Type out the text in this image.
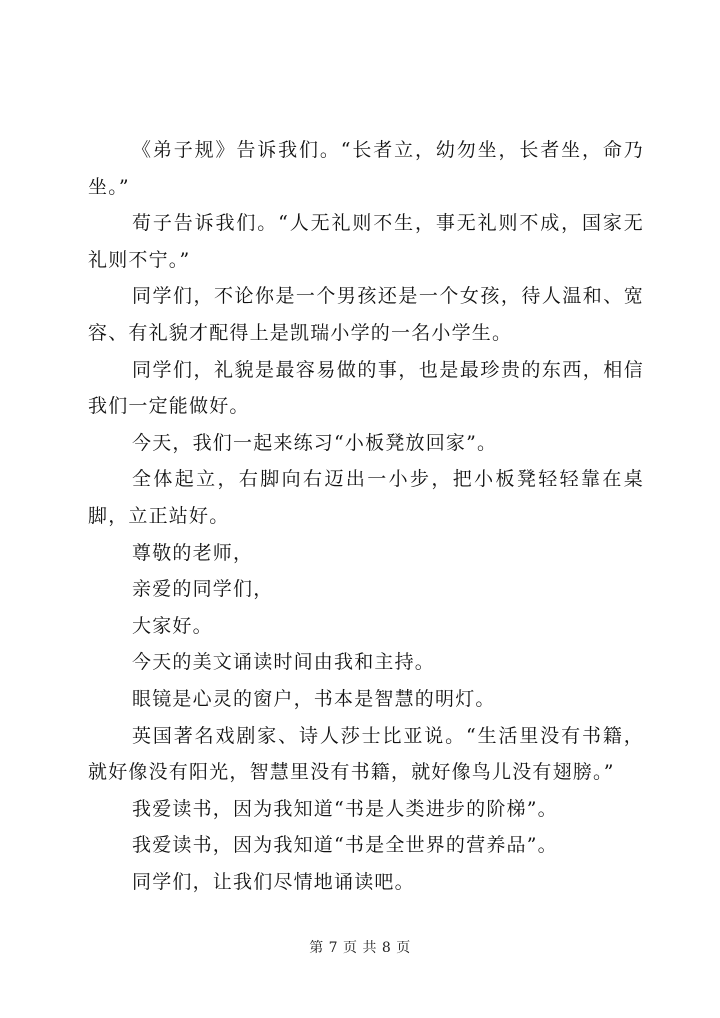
《弟子规》告诉我们。“长者立，幼勿坐，长者坐，命乃坐。”

荀子告诉我们。“人无礼则不生，事无礼则不成，国家无礼则不宁。”

同学们，不论你是一个男孩还是一个女孩，待人温和、宽容、有礼貌才配得上是凯瑞小学的一名小学生。

同学们，礼貌是最容易做的事，也是最珍贵的东西，相信我们一定能做好。

今天，我们一起来练习“小板凳放回家”。

全体起立，右脚向右迈出一小步，把小板凳轻轻靠在桌脚，立正站好。

尊敬的老师，

亲爱的同学们，

大家好。

今天的美文诵读时间由我和主持。

眼镜是心灵的窗户，书本是智慧的明灯。

英国著名戏剧家、诗人莎士比亚说。“生活里没有书籍，就好像没有阳光，智慧里没有书籍，就好像鸟儿没有翅膀。”

我爱读书，因为我知道“书是人类进步的阶梯”。

我爱读书，因为我知道“书是全世界的营养品”。

同学们，让我们尽情地诵读吧。

第 7 页 共 8 页
